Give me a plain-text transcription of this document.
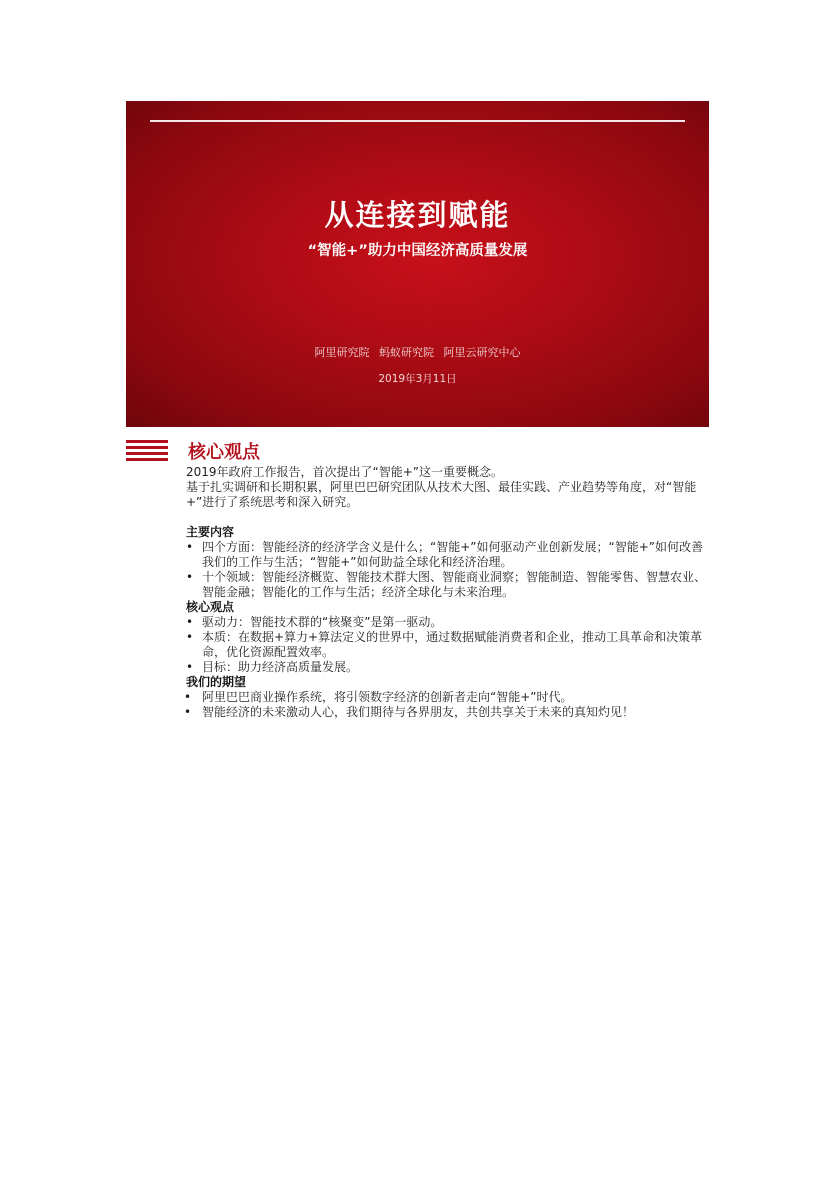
从连接到赋能
“智能+”助力中国经济高质量发展
阿里研究院 蚂蚁研究院 阿里云研究中心
2019年3月11日
核心观点

2019年政府工作报告，首次提出了“智能+”这一重要概念。

基于扎实调研和长期积累，阿里巴巴研究团队从技术大图、最佳实践、产业趋势等角度，对“智能+”进行了系统思考和深入研究。

主要内容

• 四个方面：智能经济的经济学含义是什么；“智能+”如何驱动产业创新发展；“智能+”如何改善我们的工作与生活；“智能+”如何助益全球化和经济治理。
• 十个领域：智能经济概览、智能技术群大图、智能商业洞察；智能制造、智能零售、智慧农业、智能金融；智能化的工作与生活；经济全球化与未来治理。

核心观点

• 驱动力：智能技术群的“核聚变”是第一驱动。
• 本质：在数据+算力+算法定义的世界中，通过数据赋能消费者和企业，推动工具革命和决策革命，优化资源配置效率。
• 目标：助力经济高质量发展。

我们的期望

• 阿里巴巴商业操作系统，将引领数字经济的创新者走向“智能+”时代。
• 智能经济的未来激动人心，我们期待与各界朋友，共创共享关于未来的真知灼见！
